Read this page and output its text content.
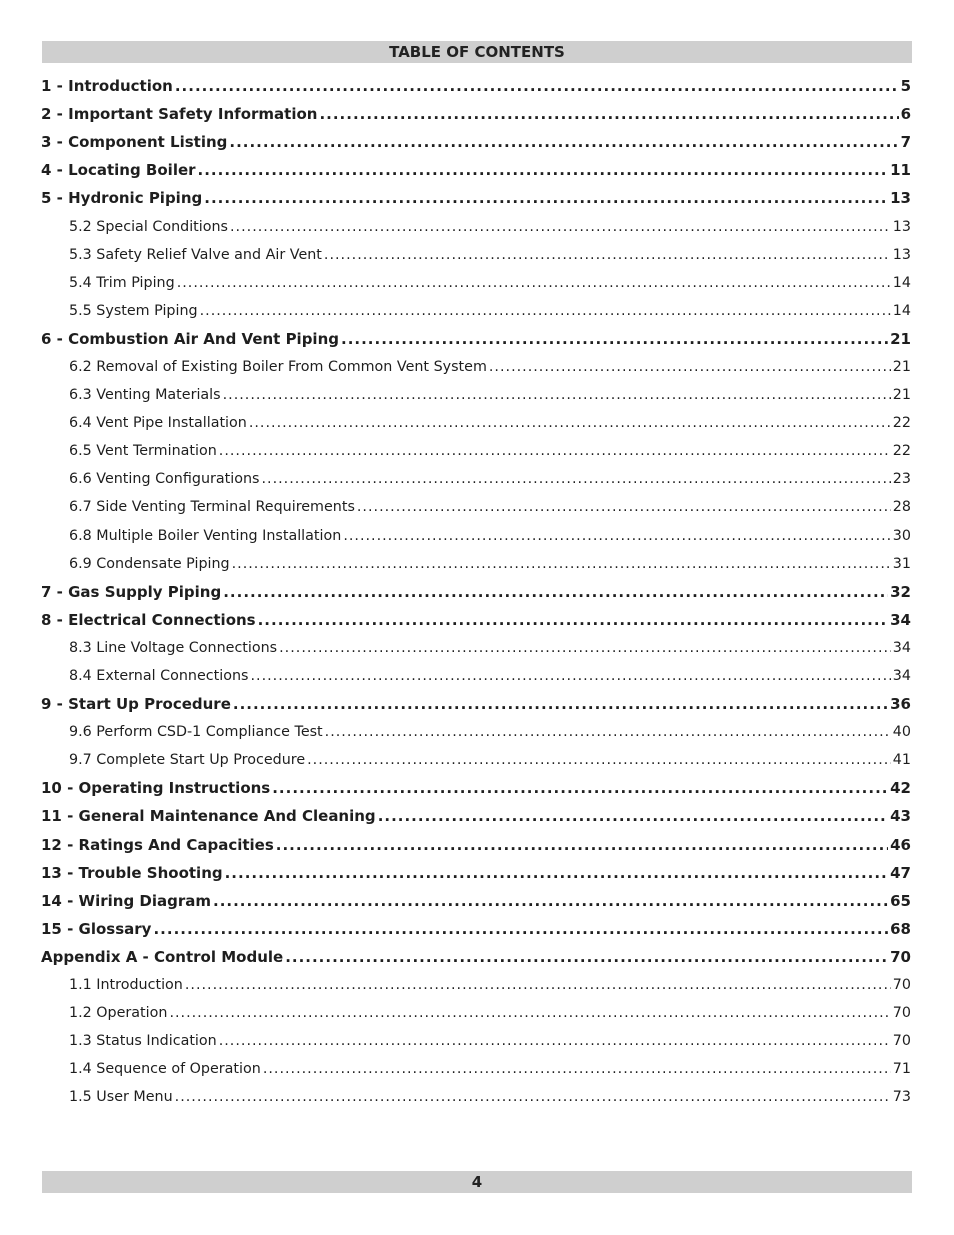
TABLE OF CONTENTS
1 - Introduction .....	5
2 - Important Safety Information .....	6
3 - Component Listing .....	7
4 - Locating Boiler .....	11
5 - Hydronic Piping .....	13
5.2 Special Conditions .....	13
5.3 Safety Relief Valve and Air Vent .....	13
5.4 Trim Piping .....	14
5.5 System Piping .....	14
6 - Combustion Air And Vent Piping .....	21
6.2 Removal of Existing Boiler From Common Vent System .....	21
6.3 Venting Materials .....	21
6.4 Vent Pipe Installation .....	22
6.5 Vent Termination .....	22
6.6 Venting Configurations .....	23
6.7 Side Venting Terminal Requirements .....	28
6.8 Multiple Boiler Venting Installation .....	30
6.9 Condensate Piping .....	31
7 - Gas Supply Piping .....	32
8 - Electrical Connections .....	34
8.3 Line Voltage Connections .....	34
8.4 External Connections .....	34
9 - Start Up Procedure .....	36
9.6 Perform CSD-1 Compliance Test .....	40
9.7 Complete Start Up Procedure .....	41
10 - Operating Instructions .....	42
11 - General Maintenance And Cleaning .....	43
12 - Ratings And Capacities .....	46
13 - Trouble Shooting .....	47
14 - Wiring Diagram .....	65
15 - Glossary .....	68
Appendix A - Control Module .....	70
1.1 Introduction .....	70
1.2 Operation .....	70
1.3 Status Indication .....	70
1.4 Sequence of Operation .....	71
1.5 User Menu .....	73
4
